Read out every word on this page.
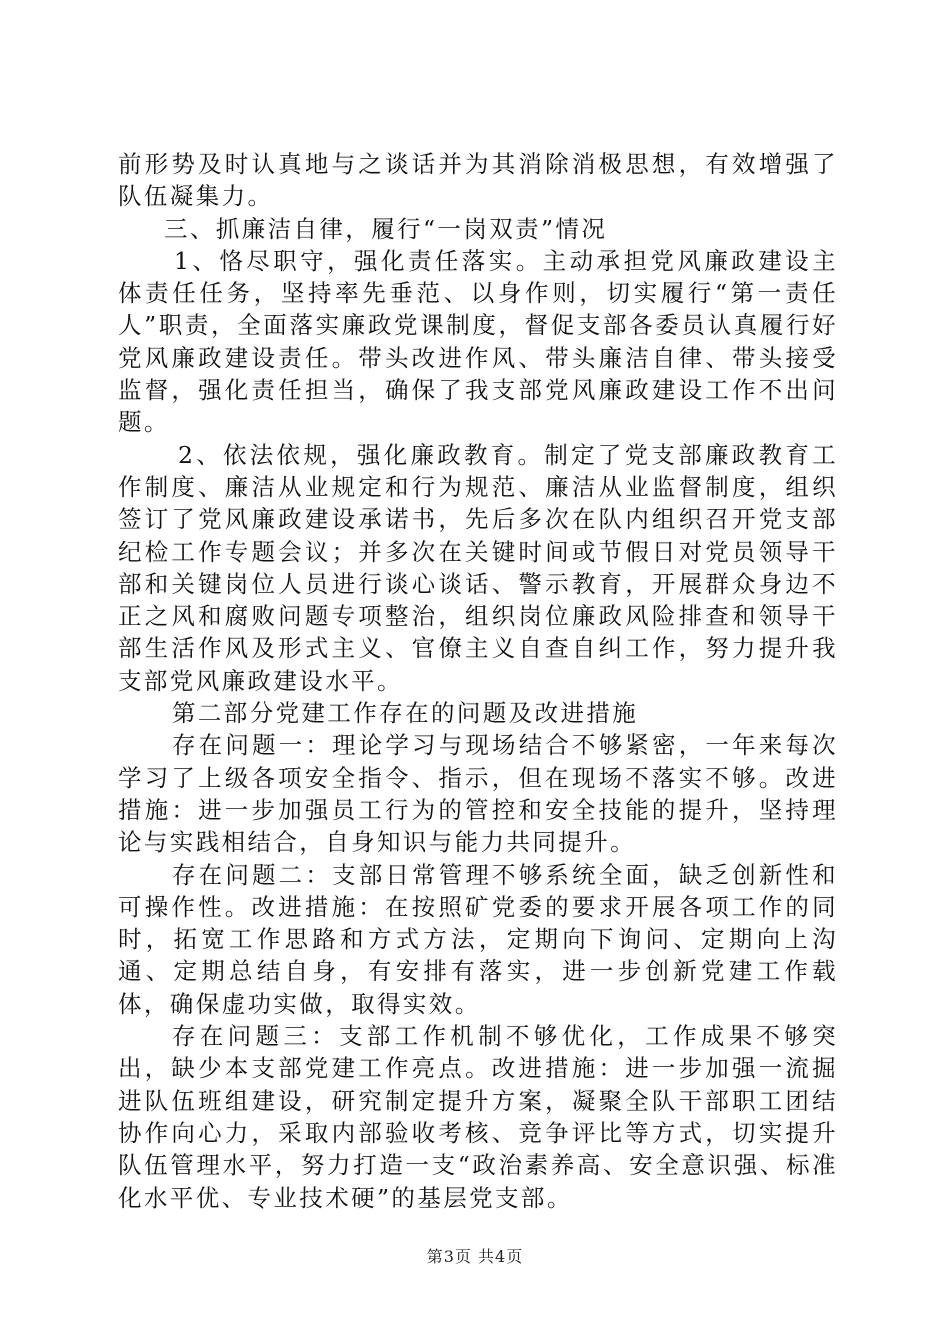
前形势及时认真地与之谈话并为其消除消极思想，有效增强了队伍凝集力。

三、抓廉洁自律，履行“一岗双责”情况

1、恪尽职守，强化责任落实。主动承担党风廉政建设主体责任任务，坚持率先垂范、以身作则，切实履行“第一责任人”职责，全面落实廉政党课制度，督促支部各委员认真履行好党风廉政建设责任。带头改进作风、带头廉洁自律、带头接受监督，强化责任担当，确保了我支部党风廉政建设工作不出问题。

2、依法依规，强化廉政教育。制定了党支部廉政教育工作制度、廉洁从业规定和行为规范、廉洁从业监督制度，组织签订了党风廉政建设承诺书，先后多次在队内组织召开党支部纪检工作专题会议；并多次在关键时间或节假日对党员领导干部和关键岗位人员进行谈心谈话、警示教育，开展群众身边不正之风和腐败问题专项整治，组织岗位廉政风险排查和领导干部生活作风及形式主义、官僚主义自查自纠工作，努力提升我支部党风廉政建设水平。

第二部分党建工作存在的问题及改进措施

存在问题一：理论学习与现场结合不够紧密，一年来每次学习了上级各项安全指令、指示，但在现场不落实不够。改进措施：进一步加强员工行为的管控和安全技能的提升，坚持理论与实践相结合，自身知识与能力共同提升。

存在问题二：支部日常管理不够系统全面，缺乏创新性和可操作性。改进措施：在按照矿党委的要求开展各项工作的同时，拓宽工作思路和方式方法，定期向下询问、定期向上沟通、定期总结自身，有安排有落实，进一步创新党建工作载体，确保虚功实做，取得实效。

存在问题三：支部工作机制不够优化，工作成果不够突出，缺少本支部党建工作亮点。改进措施：进一步加强一流掘进队伍班组建设，研究制定提升方案，凝聚全队干部职工团结协作向心力，采取内部验收考核、竞争评比等方式，切实提升队伍管理水平，努力打造一支“政治素养高、安全意识强、标准化水平优、专业技术硬”的基层党支部。

第3页 共4页
